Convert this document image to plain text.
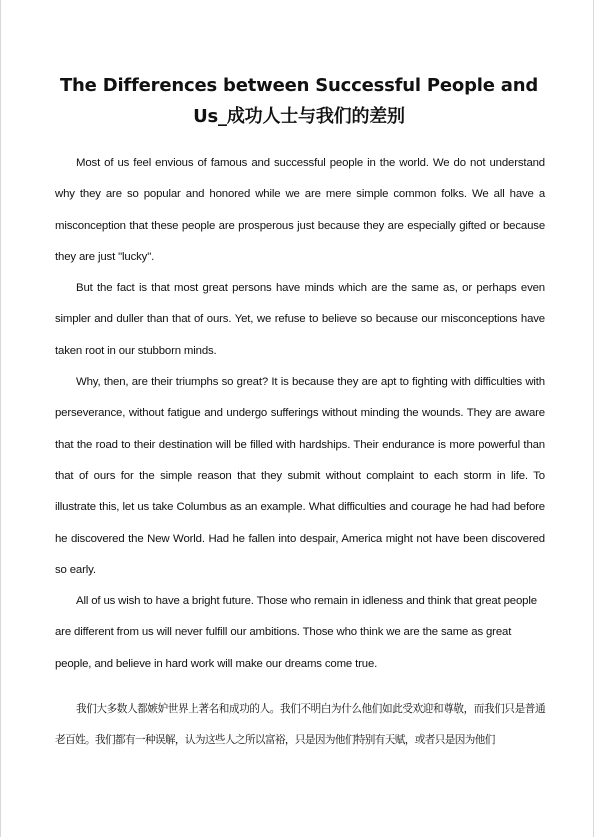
The Differences between Successful People and Us_成功人士与我们的差别

Most of us feel envious of famous and successful people in the world. We do not understand why they are so popular and honored while we are mere simple common folks. We all have a misconception that these people are prosperous just because they are especially gifted or because they are just "lucky".

But the fact is that most great persons have minds which are the same as, or perhaps even simpler and duller than that of ours. Yet, we refuse to believe so because our misconceptions have taken root in our stubborn minds.

Why, then, are their triumphs so great? It is because they are apt to fighting with difficulties with perseverance, without fatigue and undergo sufferings without minding the wounds. They are aware that the road to their destination will be filled with hardships. Their endurance is more powerful than that of ours for the simple reason that they submit without complaint to each storm in life. To illustrate this, let us take Columbus as an example. What difficulties and courage he had had before he discovered the New World. Had he fallen into despair, America might not have been discovered so early.

All of us wish to have a bright future. Those who remain in idleness and think that great people are different from us will never fulfill our ambitions. Those who think we are the same as great people, and believe in hard work will make our dreams come true.

我们大多数人都嫉妒世界上著名和成功的人。我们不明白为什么他们如此受欢迎和尊敬，而我们只是普通老百姓。我们都有一种误解，认为这些人之所以富裕，只是因为他们特别有天赋，或者只是因为他们
